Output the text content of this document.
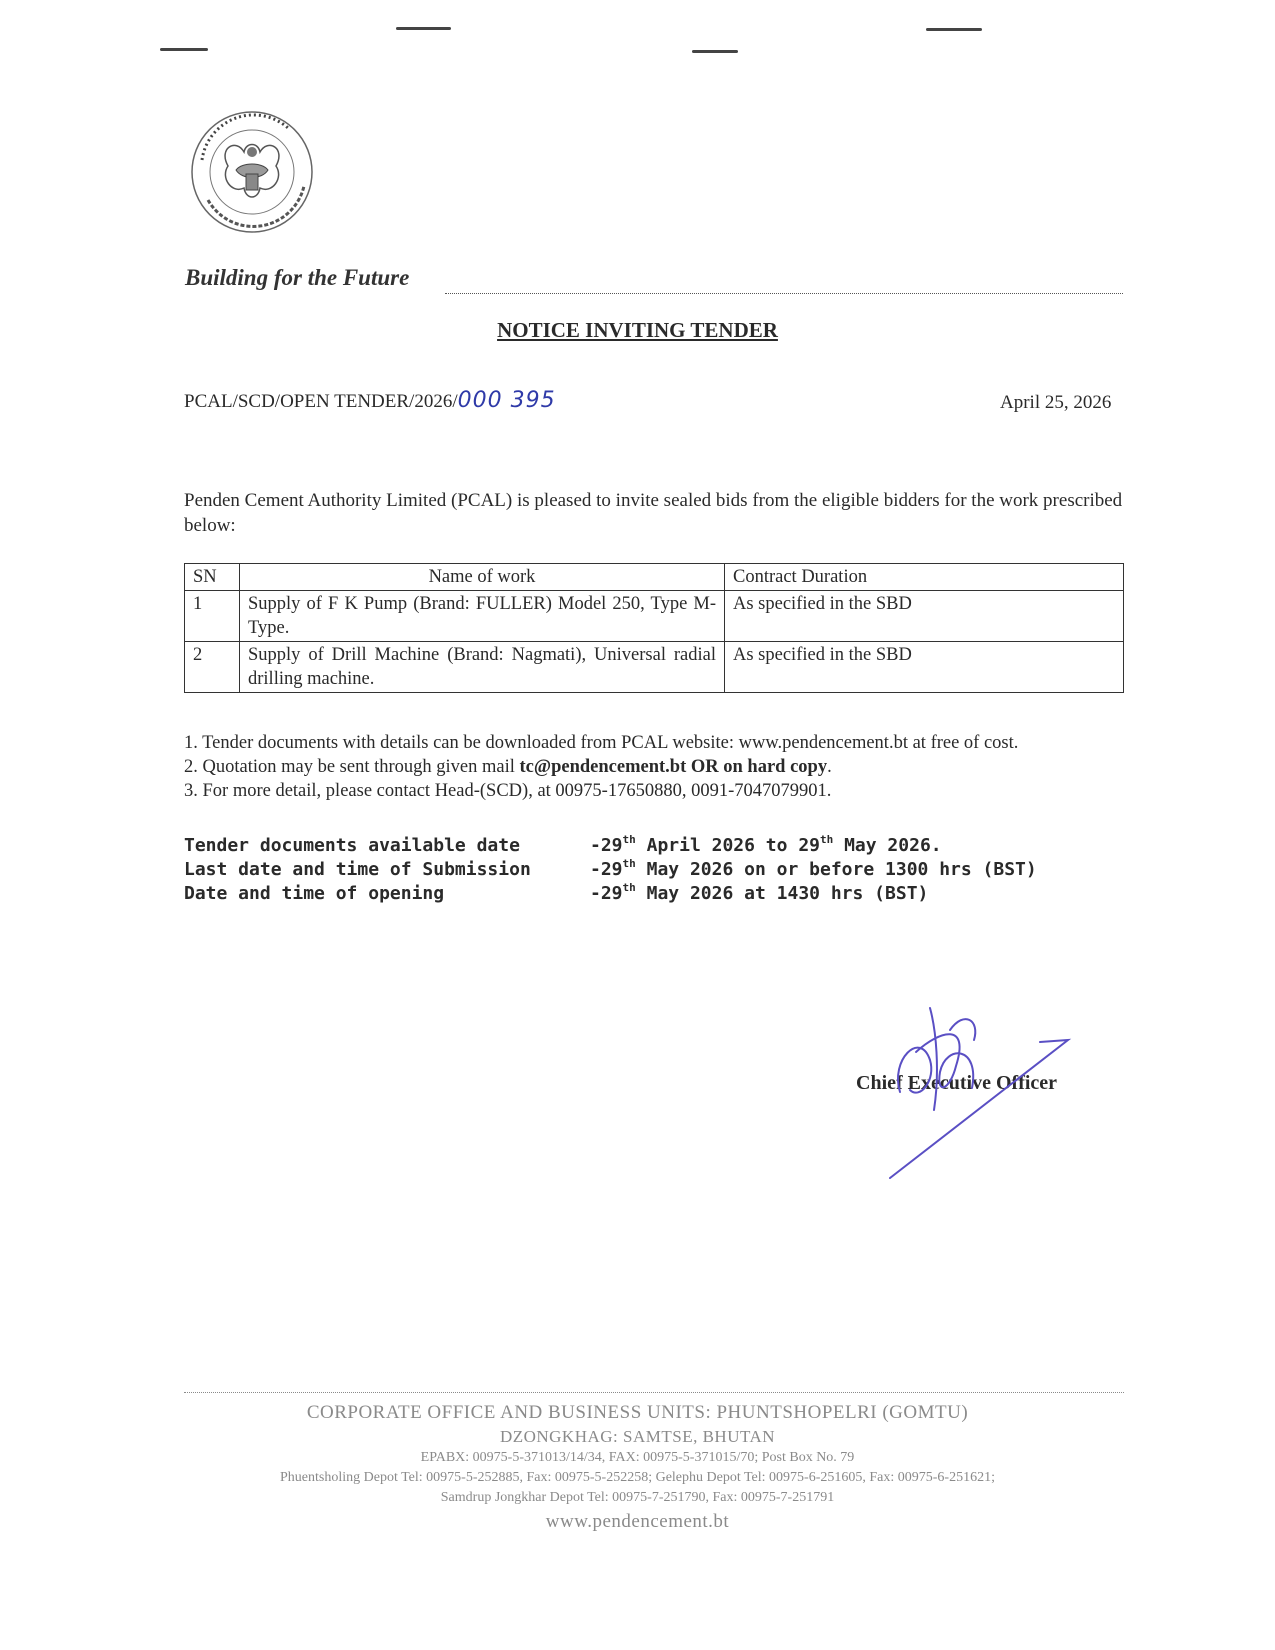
Building for the Future
NOTICE INVITING TENDER
PCAL/SCD/OPEN TENDER/2026/000 395	April 25, 2026
Penden Cement Authority Limited (PCAL) is pleased to invite sealed bids from the eligible bidders for the work prescribed below:
SN	Name of work	Contract Duration
1	Supply of F K Pump (Brand: FULLER) Model 250, Type M-Type.	As specified in the SBD
2	Supply of Drill Machine (Brand: Nagmati), Universal radial drilling machine.	As specified in the SBD
1. Tender documents with details can be downloaded from PCAL website: www.pendencement.bt at free of cost.
2. Quotation may be sent through given mail tc@pendencement.bt OR on hard copy.
3. For more detail, please contact Head-(SCD), at 00975-17650880, 0091-7047079901.
Tender documents available date	-29th April 2026 to 29th May 2026.
Last date and time of Submission	-29th May 2026 on or before 1300 hrs (BST)
Date and time of opening	-29th May 2026 at 1430 hrs (BST)
Chief Executive Officer
CORPORATE OFFICE AND BUSINESS UNITS: PHUNTSHOPELRI (GOMTU)
DZONGKHAG: SAMTSE, BHUTAN
EPABX: 00975-5-371013/14/34, FAX: 00975-5-371015/70; Post Box No. 79
Phuentsholing Depot Tel: 00975-5-252885, Fax: 00975-5-252258; Gelephu Depot Tel: 00975-6-251605, Fax: 00975-6-251621;
Samdrup Jongkhar Depot Tel: 00975-7-251790, Fax: 00975-7-251791
www.pendencement.bt
